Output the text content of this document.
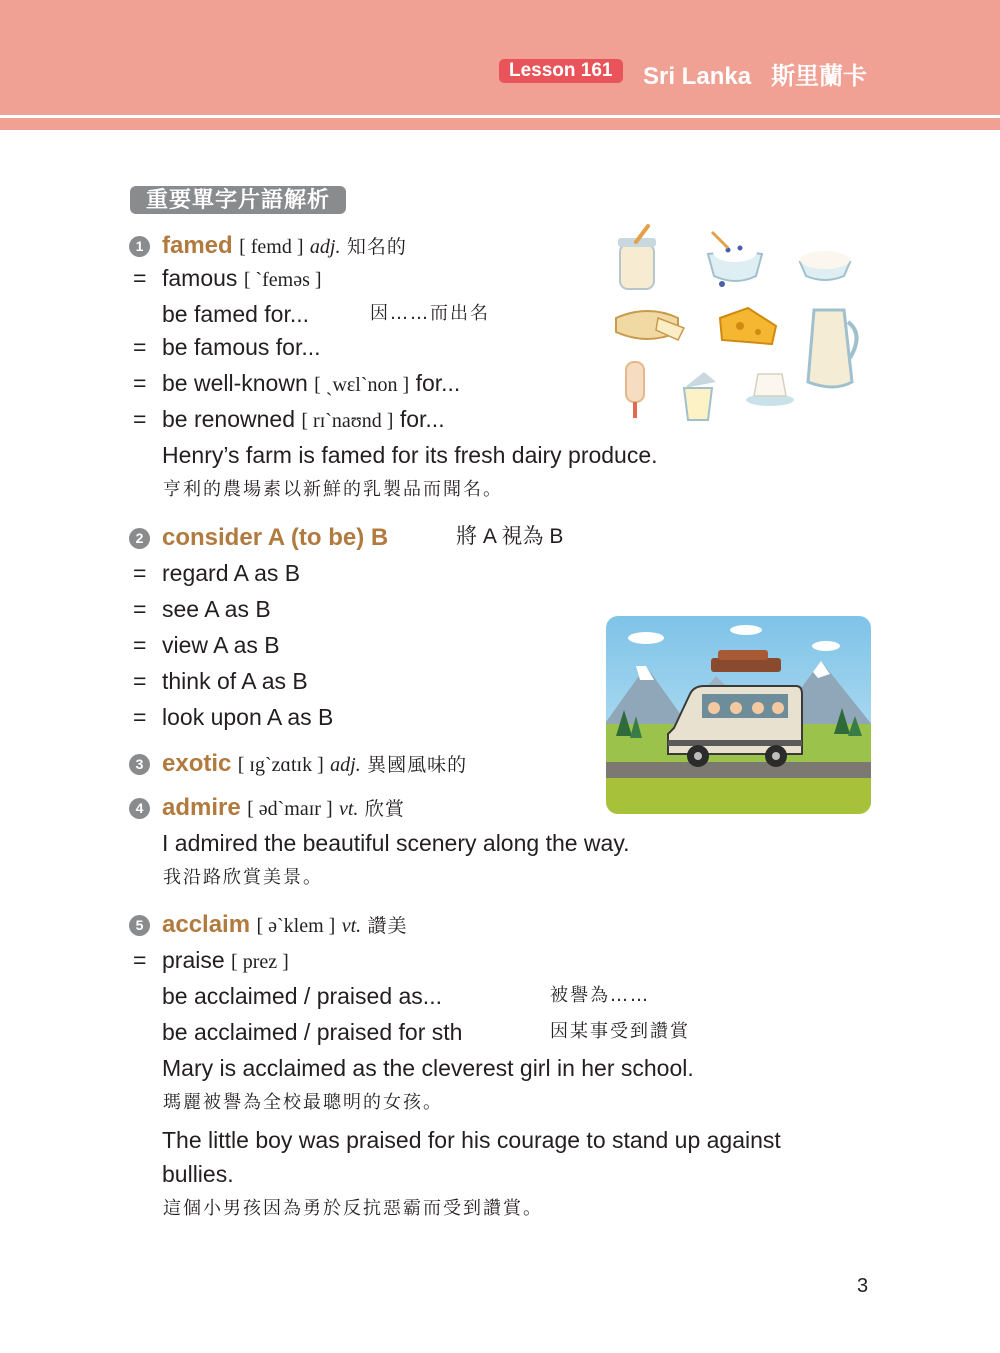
Lesson 161	Sri Lanka 斯里蘭卡
重要單字片語解析
1 famed [ femd ] adj. 知名的
= famous [ ˋfeməs ]
be famed for...	因……而出名
= be famous for...
= be well-known [ ˏwɛlˋnon ] for...
= be renowned [ rɪˋnaʊnd ] for...
Henry’s farm is famed for its fresh dairy produce.
亨利的農場素以新鮮的乳製品而聞名。
2 consider A (to be) B	將 A 視為 B
= regard A as B
= see A as B
= view A as B
= think of A as B
= look upon A as B
3 exotic [ ɪgˋzɑtɪk ] adj. 異國風味的
4 admire [ ədˋmaɪr ] vt. 欣賞
I admired the beautiful scenery along the way.
我沿路欣賞美景。
5 acclaim [ əˋklem ] vt. 讚美
= praise [ prez ]
be acclaimed / praised as...	被譽為……
be acclaimed / praised for sth	因某事受到讚賞
Mary is acclaimed as the cleverest girl in her school.
瑪麗被譽為全校最聰明的女孩。
The little boy was praised for his courage to stand up against
bullies.
這個小男孩因為勇於反抗惡霸而受到讚賞。
3
